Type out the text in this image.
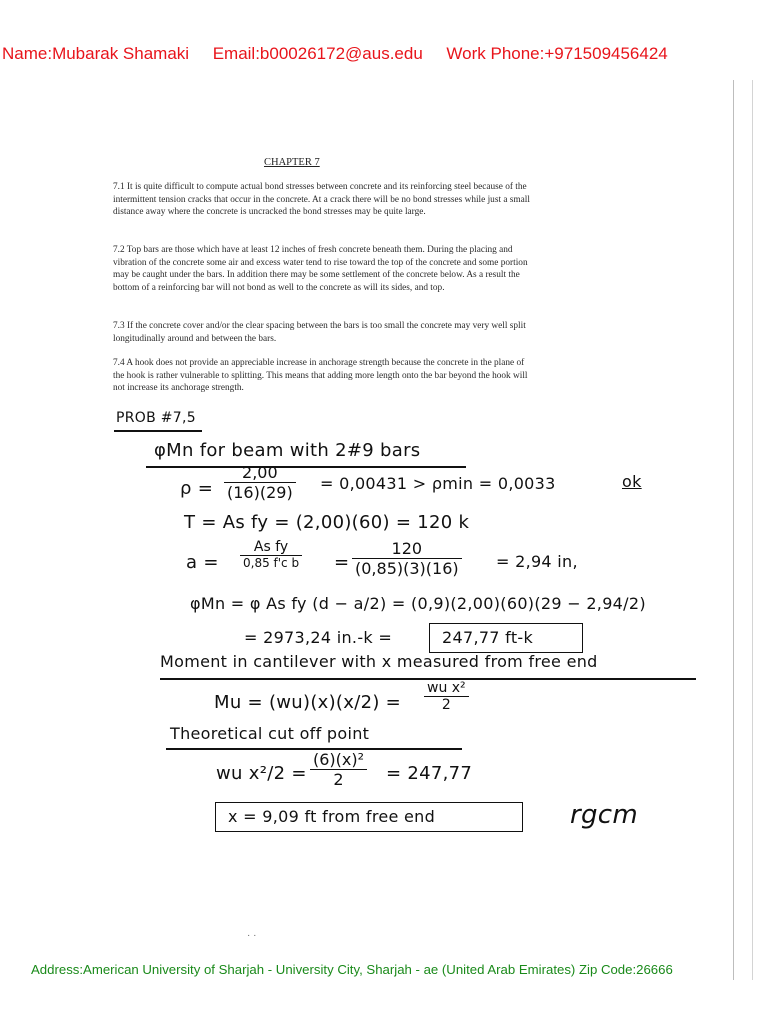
Name:Mubarak Shamaki Email:b00026172@aus.edu Work Phone:+971509456424
CHAPTER 7

7.1 It is quite difficult to compute actual bond stresses between concrete and its reinforcing steel because of the intermittent tension cracks that occur in the concrete. At a crack there will be no bond stresses while just a small distance away where the concrete is uncracked the bond stresses may be quite large.

7.2 Top bars are those which have at least 12 inches of fresh concrete beneath them. During the placing and vibration of the concrete some air and excess water tend to rise toward the top of the concrete and some portion may be caught under the bars. In addition there may be some settlement of the concrete below. As a result the bottom of a reinforcing bar will not bond as well to the concrete as will its sides, and top.

7.3 If the concrete cover and/or the clear spacing between the bars is too small the concrete may very well split longitudinally around and between the bars.

7.4 A hook does not provide an appreciable increase in anchorage strength because the concrete in the plane of the hook is rather vulnerable to splitting. This means that adding more length onto the bar beyond the hook will not increase its anchorage strength.

PROB #7,5
φMn for beam with 2#9 bars
$\rho = \frac{2,00}{(16)(29)} = 0,00431 > \rho\min = 0,0033$	ok
T = As fy = (2,00)(60) = 120 k
$a = \frac{\text{As fy}}{\text{0,85 f'c b}} = \frac{120}{(0,85)(3)(16)} = 2,94$ in,
φMn = φ As fy (d − a/2) = (0,9)(2,00)(60)(29 − 2,94/2)
= 2973,24 in.-k =	247,77 ft-k
Moment in cantilever with x measured from free end
$Mu = (wu)(x)(x/2) = \frac{\text{wu x²}}{2}$
Theoretical cut off point
wu $x^2/2 = \frac{\text{(6)(x)²}}{2} = 247,77$
x = 9,09 ft from free end	rgcm
· ·
Address:American University of Sharjah - University City, Sharjah - ae (United Arab Emirates) Zip Code:26666
